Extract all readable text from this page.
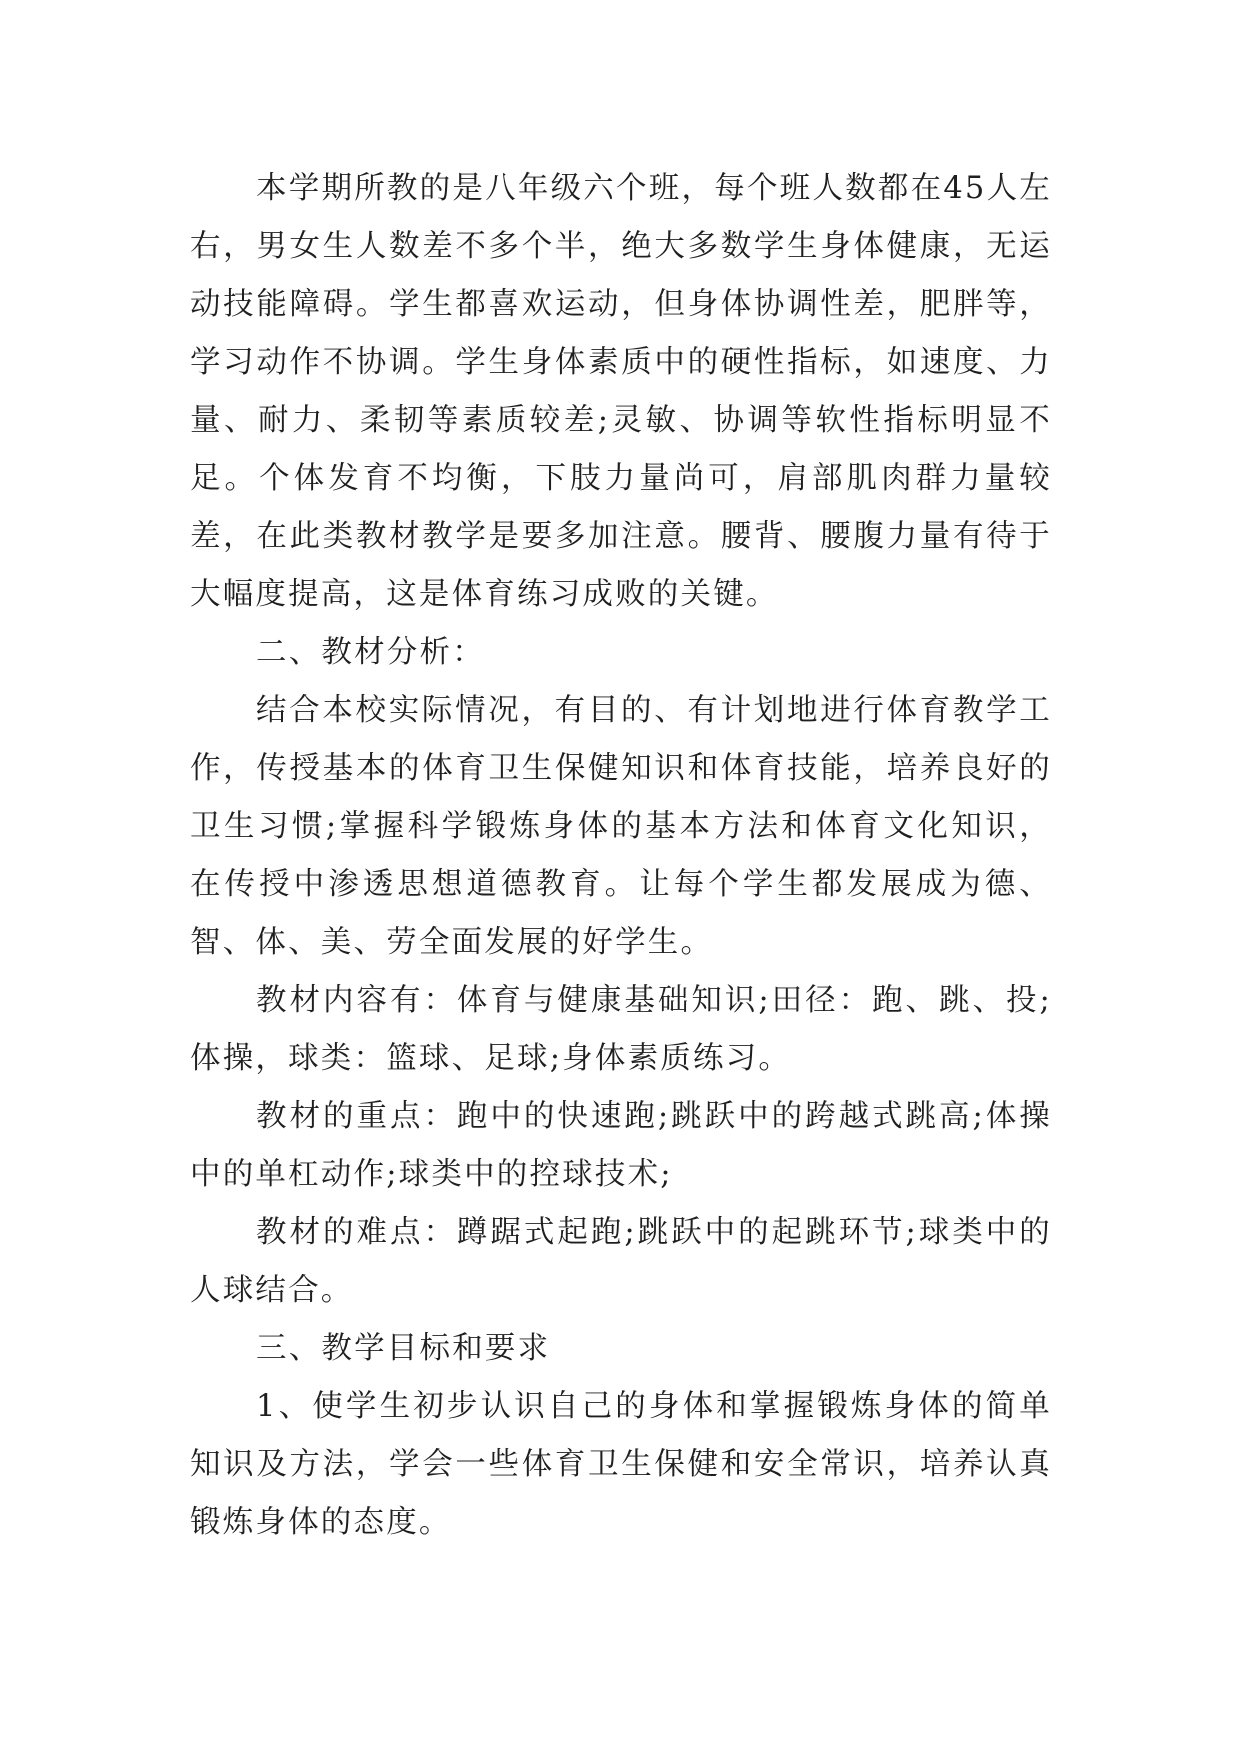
本学期所教的是八年级六个班，每个班人数都在45人左右，男女生人数差不多个半，绝大多数学生身体健康，无运动技能障碍。学生都喜欢运动，但身体协调性差，肥胖等，学习动作不协调。学生身体素质中的硬性指标，如速度、力量、耐力、柔韧等素质较差;灵敏、协调等软性指标明显不足。个体发育不均衡，下肢力量尚可，肩部肌肉群力量较差，在此类教材教学是要多加注意。腰背、腰腹力量有待于大幅度提高，这是体育练习成败的关键。

二、教材分析：

结合本校实际情况，有目的、有计划地进行体育教学工作，传授基本的体育卫生保健知识和体育技能，培养良好的卫生习惯;掌握科学锻炼身体的基本方法和体育文化知识，在传授中渗透思想道德教育。让每个学生都发展成为德、智、体、美、劳全面发展的好学生。

教材内容有：体育与健康基础知识;田径：跑、跳、投;体操，球类：篮球、足球;身体素质练习。

教材的重点：跑中的快速跑;跳跃中的跨越式跳高;体操中的单杠动作;球类中的控球技术;

教材的难点：蹲踞式起跑;跳跃中的起跳环节;球类中的人球结合。

三、教学目标和要求

1、使学生初步认识自己的身体和掌握锻炼身体的简单知识及方法，学会一些体育卫生保健和安全常识，培养认真锻炼身体的态度。
